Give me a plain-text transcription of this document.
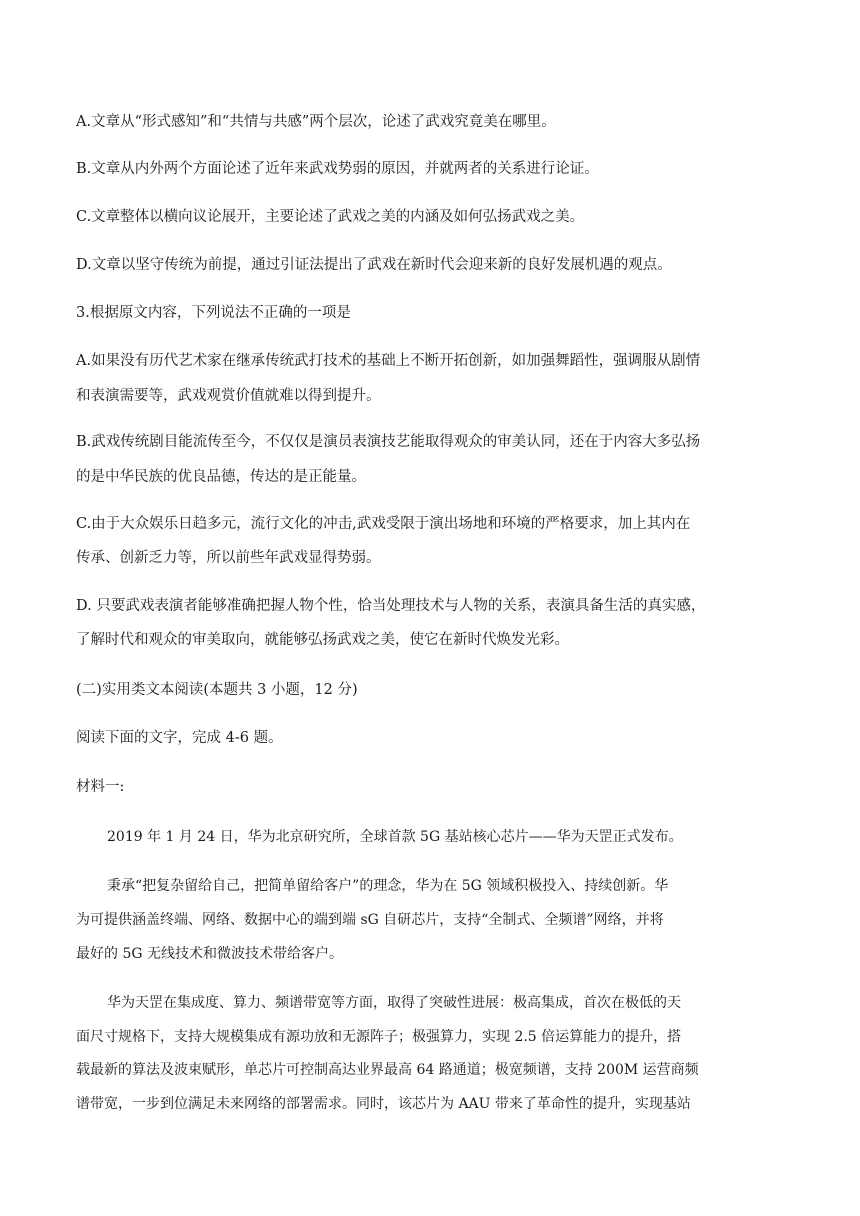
A.文章从“形式感知”和“共情与共感”两个层次，论述了武戏究竟美在哪里。
B.文章从内外两个方面论述了近年来武戏势弱的原因，并就两者的关系进行论证。
C.文章整体以横向议论展开，主要论述了武戏之美的内涵及如何弘扬武戏之美。
D.文章以坚守传统为前提，通过引证法提出了武戏在新时代会迎来新的良好发展机遇的观点。
3.根据原文内容，下列说法不正确的一项是
A.如果没有历代艺术家在继承传统武打技术的基础上不断开拓创新，如加强舞蹈性，强调服从剧情
和表演需要等，武戏观赏价值就难以得到提升。
B.武戏传统剧目能流传至今，不仅仅是演员表演技艺能取得观众的审美认同，还在于内容大多弘扬
的是中华民族的优良品德，传达的是正能量。
C.由于大众娱乐日趋多元，流行文化的冲击,武戏受限于演出场地和环境的严格要求，加上其内在
传承、创新乏力等，所以前些年武戏显得势弱。
D. 只要武戏表演者能够准确把握人物个性，恰当处理技术与人物的关系，表演具备生活的真实感，
了解时代和观众的审美取向，就能够弘扬武戏之美，使它在新时代焕发光彩。
(二)实用类文本阅读(本题共 3 小题，12 分)
阅读下面的文字，完成 4-6 题。
材料一:
2019 年 1 月 24 日，华为北京研究所，全球首款 5G 基站核心芯片——华为天罡正式发布。
秉承“把复杂留给自己，把简单留给客户”的理念，华为在 5G 领域积极投入、持续创新。华
为可提供涵盖终端、网络、数据中心的端到端 sG 自研芯片，支持“全制式、全频谱”网络，并将
最好的 5G 无线技术和微波技术带给客户。
华为天罡在集成度、算力、频谱带宽等方面，取得了突破性进展：极高集成，首次在极低的天
面尺寸规格下，支持大规模集成有源功放和无源阵子；极强算力，实现 2.5 倍运算能力的提升，搭
载最新的算法及波束赋形，单芯片可控制高达业界最高 64 路通道；极宽频谱，支持 200M 运营商频
谱带宽，一步到位满足未来网络的部署需求。同时，该芯片为 AAU 带来了革命性的提升，实现基站
